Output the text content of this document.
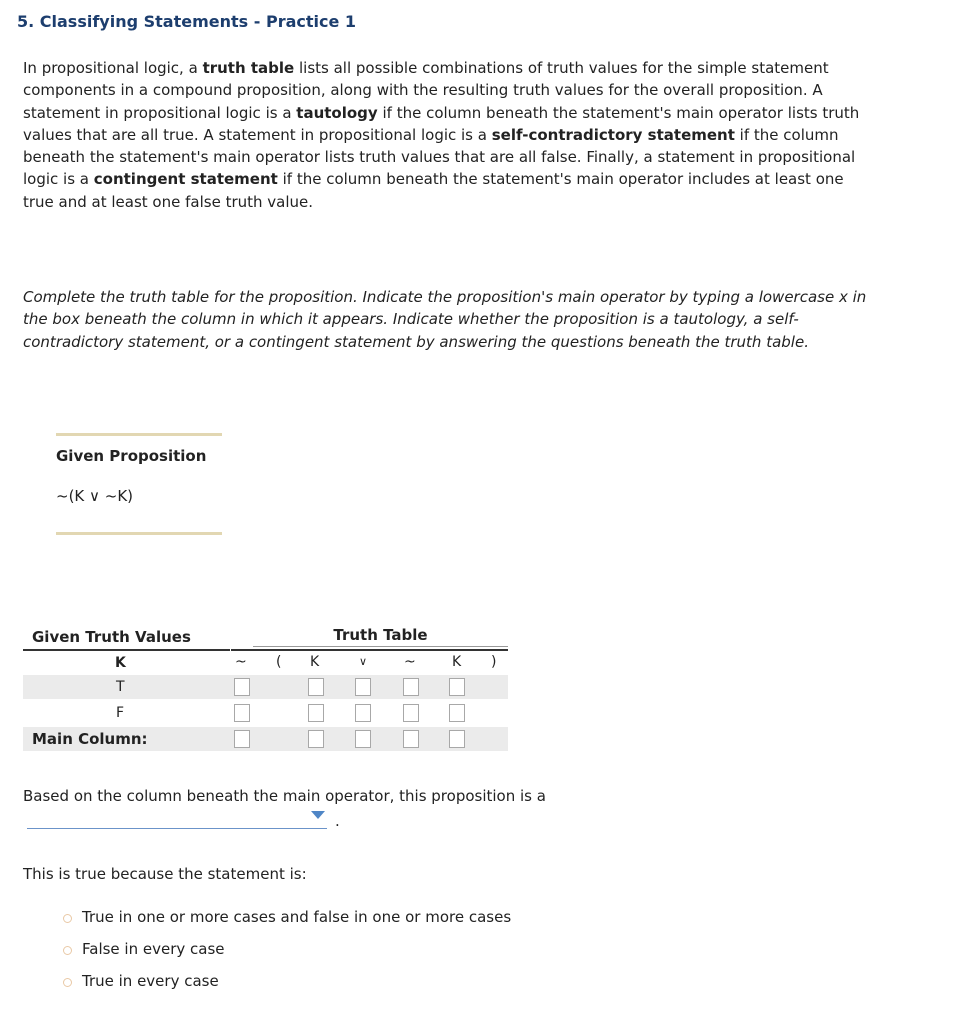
5. Classifying Statements - Practice 1

In propositional logic, a truth table lists all possible combinations of truth values for the simple statement components in a compound proposition, along with the resulting truth values for the overall proposition. A statement in propositional logic is a tautology if the column beneath the statement's main operator lists truth values that are all true. A statement in propositional logic is a self-contradictory statement if the column beneath the statement's main operator lists truth values that are all false. Finally, a statement in propositional logic is a contingent statement if the column beneath the statement's main operator includes at least one true and at least one false truth value.

Complete the truth table for the proposition. Indicate the proposition's main operator by typing a lowercase x in the box beneath the column in which it appears. Indicate whether the proposition is a tautology, a self-contradictory statement, or a contingent statement by answering the questions beneath the truth table.

Given Proposition
~(K ∨ ~K)
Given Truth Values	Truth Table
K	~ ( K	∨	~	K )
T
F
Main Column:

Based on the column beneath the main operator, this proposition is a

.

This is true because the statement is:

True in one or more cases and false in one or more cases
False in every case
True in every case
